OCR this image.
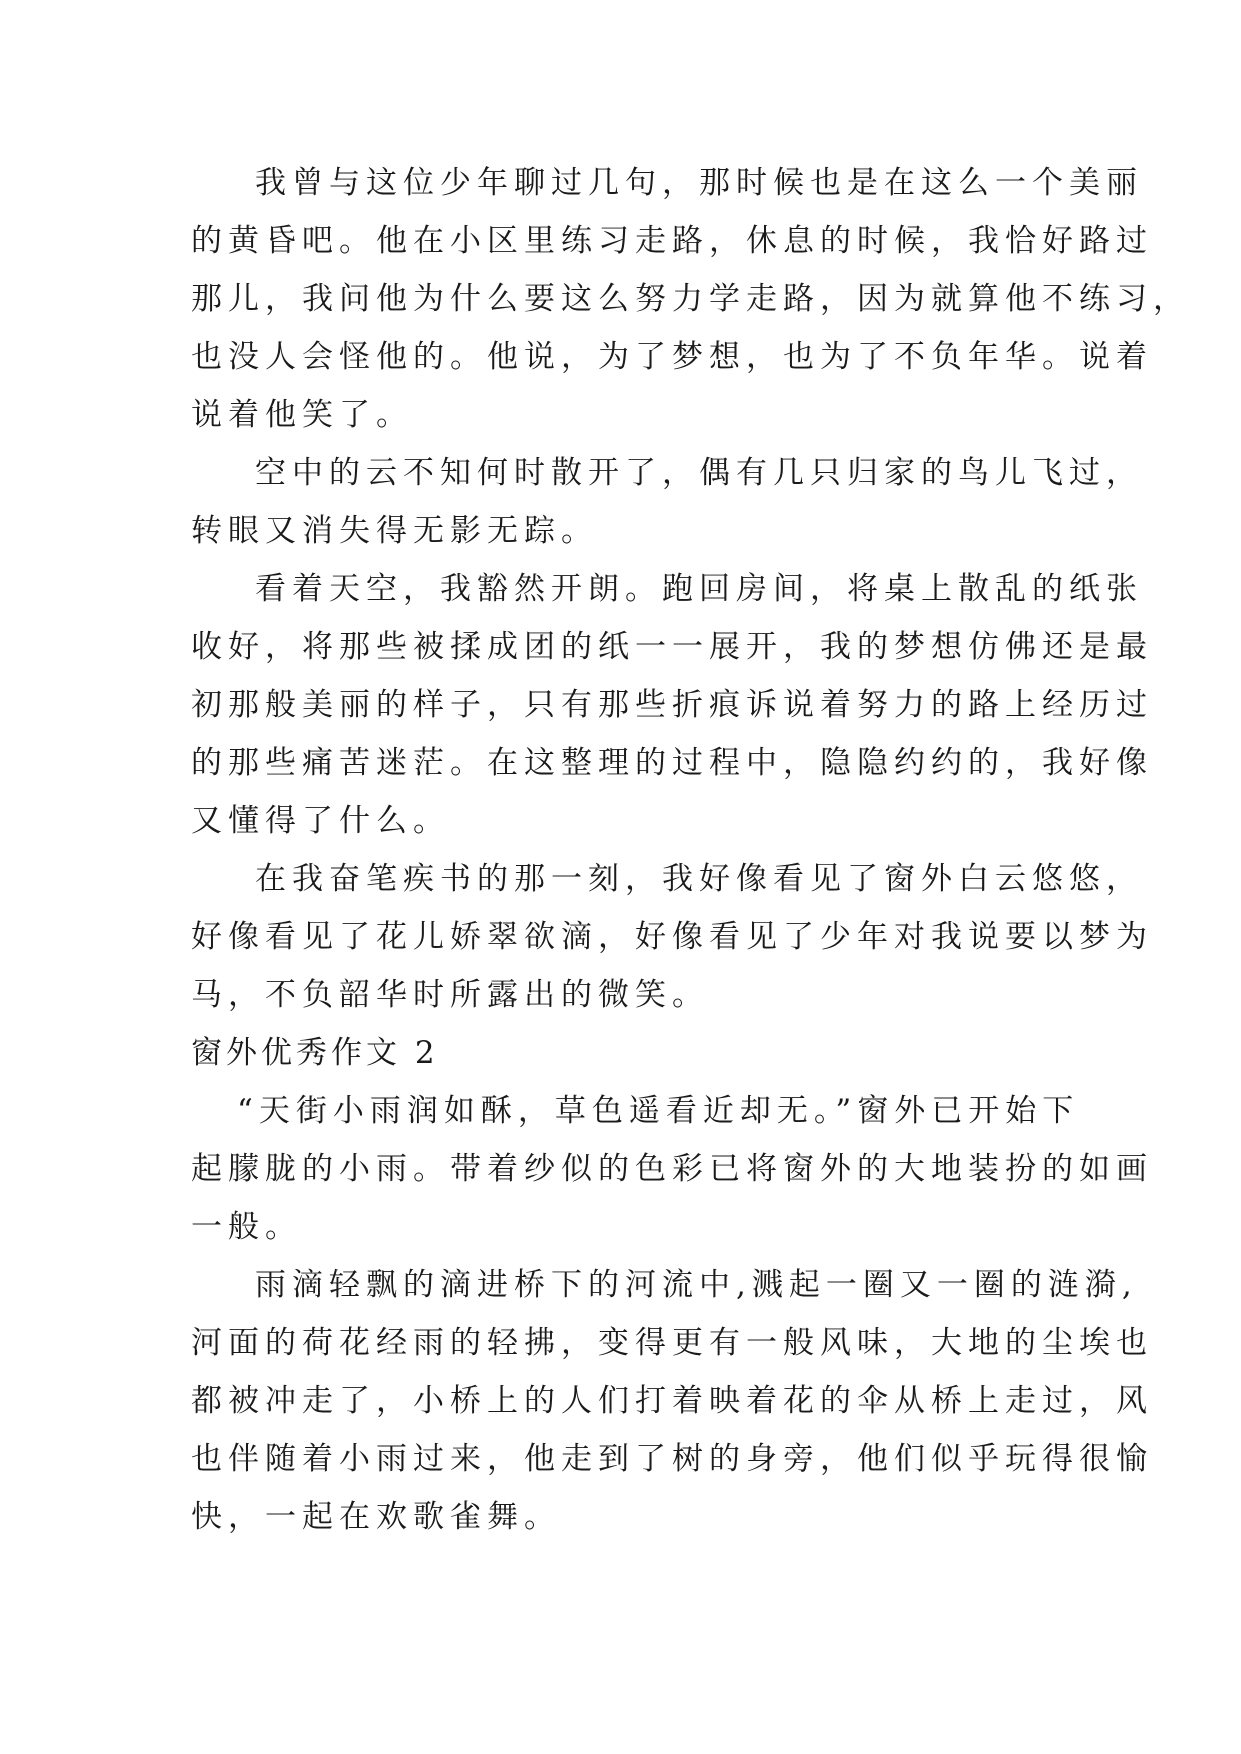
我曾与这位少年聊过几句，那时候也是在这么一个美丽
的黄昏吧。他在小区里练习走路，休息的时候，我恰好路过
那儿，我问他为什么要这么努力学走路，因为就算他不练习，
也没人会怪他的。他说，为了梦想，也为了不负年华。说着
说着他笑了。
空中的云不知何时散开了，偶有几只归家的鸟儿飞过，
转眼又消失得无影无踪。
看着天空，我豁然开朗。跑回房间，将桌上散乱的纸张
收好，将那些被揉成团的纸一一展开，我的梦想仿佛还是最
初那般美丽的样子，只有那些折痕诉说着努力的路上经历过
的那些痛苦迷茫。在这整理的过程中，隐隐约约的，我好像
又懂得了什么。
在我奋笔疾书的那一刻，我好像看见了窗外白云悠悠，
好像看见了花儿娇翠欲滴，好像看见了少年对我说要以梦为
马，不负韶华时所露出的微笑。
窗外优秀作文 2
“天街小雨润如酥，草色遥看近却无。”窗外已开始下
起朦胧的小雨。带着纱似的色彩已将窗外的大地装扮的如画
一般。
雨滴轻飘的滴进桥下的河流中,溅起一圈又一圈的涟漪,
河面的荷花经雨的轻拂，变得更有一般风味，大地的尘埃也
都被冲走了，小桥上的人们打着映着花的伞从桥上走过，风
也伴随着小雨过来，他走到了树的身旁，他们似乎玩得很愉
快，一起在欢歌雀舞。
